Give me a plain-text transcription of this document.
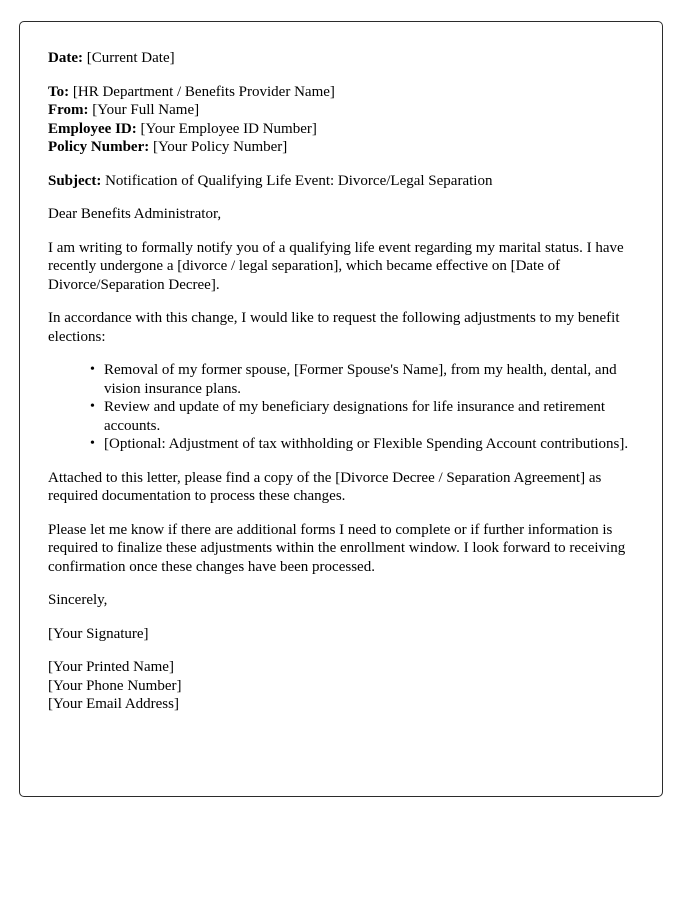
Date: [Current Date]
To: [HR Department / Benefits Provider Name]
From: [Your Full Name]
Employee ID: [Your Employee ID Number]
Policy Number: [Your Policy Number]
Subject: Notification of Qualifying Life Event: Divorce/Legal Separation

Dear Benefits Administrator,

I am writing to formally notify you of a qualifying life event regarding my marital status. I have recently undergone a [divorce / legal separation], which became effective on [Date of Divorce/Separation Decree].

In accordance with this change, I would like to request the following adjustments to my benefit elections:

• Removal of my former spouse, [Former Spouse's Name], from my health, dental, and vision insurance plans.
• Review and update of my beneficiary designations for life insurance and retirement accounts.
• [Optional: Adjustment of tax withholding or Flexible Spending Account contributions].

Attached to this letter, please find a copy of the [Divorce Decree / Separation Agreement] as required documentation to process these changes.

Please let me know if there are additional forms I need to complete or if further information is required to finalize these adjustments within the enrollment window. I look forward to receiving confirmation once these changes have been processed.

Sincerely,
[Your Signature]
[Your Printed Name]
[Your Phone Number]
[Your Email Address]
